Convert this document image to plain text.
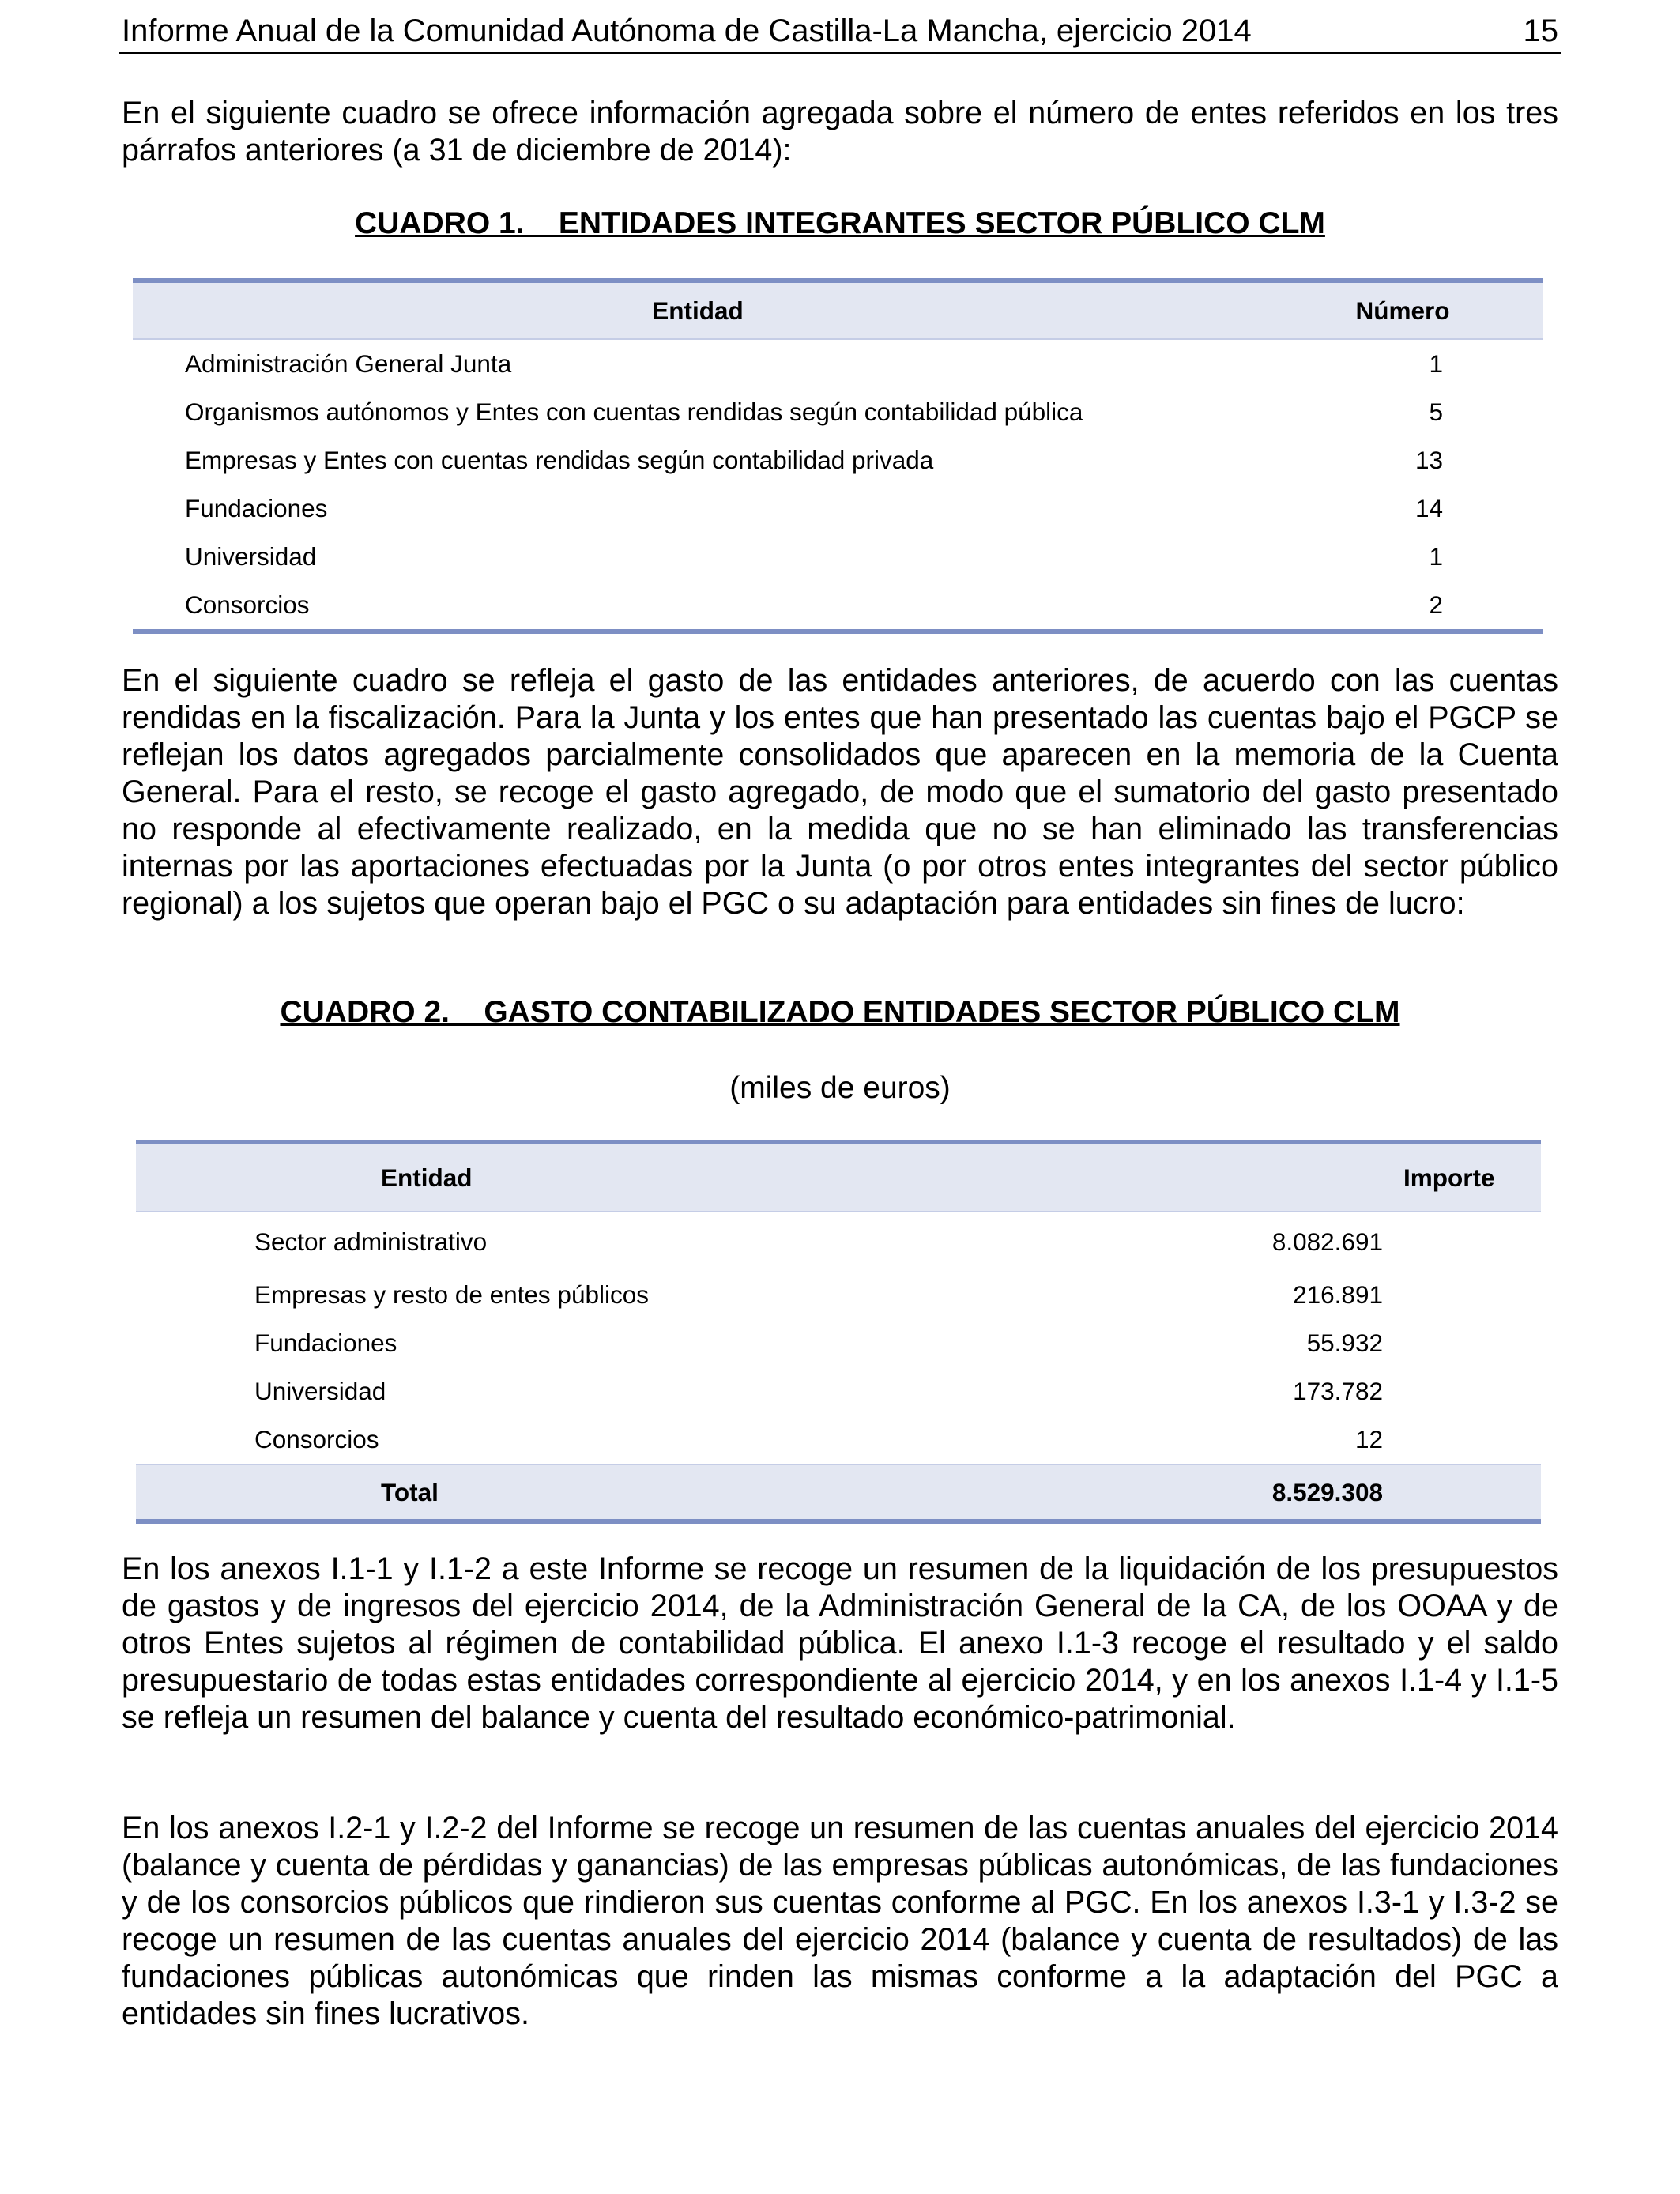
Informe Anual de la Comunidad Autónoma de Castilla-La Mancha, ejercicio 2014	15

En el siguiente cuadro se ofrece información agregada sobre el número de entes referidos en los tres párrafos anteriores (a 31 de diciembre de 2014):

CUADRO 1.    ENTIDADES INTEGRANTES SECTOR PÚBLICO CLM
Entidad	Número
Administración General Junta	1
Organismos autónomos y Entes con cuentas rendidas según contabilidad pública	5
Empresas y Entes con cuentas rendidas según contabilidad privada	13
Fundaciones	14
Universidad	1
Consorcios	2

En el siguiente cuadro se refleja el gasto de las entidades anteriores, de acuerdo con las cuentas rendidas en la fiscalización. Para la Junta y los entes que han presentado las cuentas bajo el PGCP se reflejan los datos agregados parcialmente consolidados que aparecen en la memoria de la Cuenta General. Para el resto, se recoge el gasto agregado, de modo que el sumatorio del gasto presentado no responde al efectivamente realizado, en la medida que no se han eliminado las transferencias internas por las aportaciones efectuadas por la Junta (o por otros entes integrantes del sector público regional) a los sujetos que operan bajo el PGC o su adaptación para entidades sin fines de lucro:

CUADRO 2.    GASTO CONTABILIZADO ENTIDADES SECTOR PÚBLICO CLM
(miles de euros)
Entidad	Importe
Sector administrativo	8.082.691
Empresas y resto de entes públicos	216.891
Fundaciones	55.932
Universidad	173.782
Consorcios	12
Total	8.529.308

En los anexos I.1-1 y I.1-2 a este Informe se recoge un resumen de la liquidación de los presupuestos de gastos y de ingresos del ejercicio 2014, de la Administración General de la CA, de los OOAA y de otros Entes sujetos al régimen de contabilidad pública. El anexo I.1-3 recoge el resultado y el saldo presupuestario de todas estas entidades correspondiente al ejercicio 2014, y en los anexos I.1-4 y I.1-5 se refleja un resumen del balance y cuenta del resultado económico-patrimonial.

En los anexos I.2-1 y I.2-2 del Informe se recoge un resumen de las cuentas anuales del ejercicio 2014 (balance y cuenta de pérdidas y ganancias) de las empresas públicas autonómicas, de las fundaciones y de los consorcios públicos que rindieron sus cuentas conforme al PGC. En los anexos I.3-1 y I.3-2 se recoge un resumen de las cuentas anuales del ejercicio 2014 (balance y cuenta de resultados) de las fundaciones públicas autonómicas que rinden las mismas conforme a la adaptación del PGC a entidades sin fines lucrativos.
